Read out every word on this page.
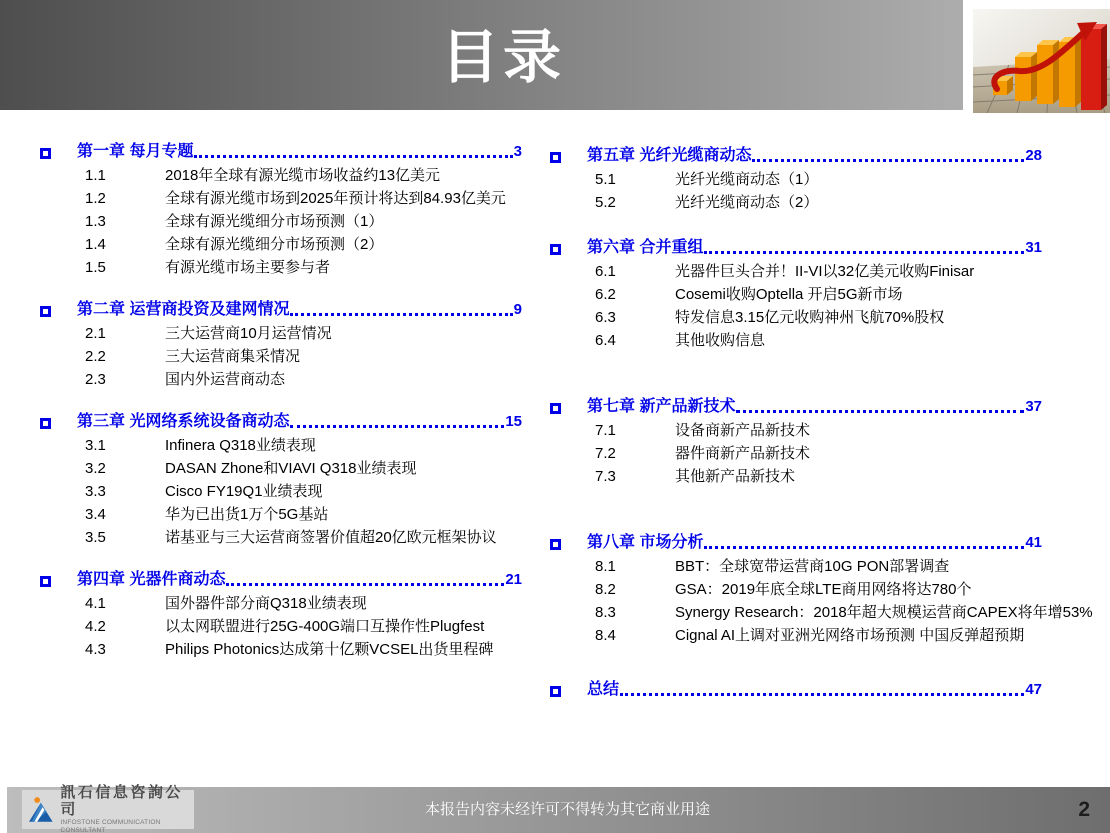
目录
第一章 每月专题	3
1.1	2018年全球有源光缆市场收益约13亿美元
1.2	全球有源光缆市场到2025年预计将达到84.93亿美元
1.3	全球有源光缆细分市场预测（1）
1.4	全球有源光缆细分市场预测（2）
1.5	有源光缆市场主要参与者
第二章 运营商投资及建网情况	9
2.1	三大运营商10月运营情况
2.2	三大运营商集采情况
2.3	国内外运营商动态
第三章 光网络系统设备商动态	15
3.1	Infinera Q318业绩表现
3.2	DASAN Zhone和VIAVI Q318业绩表现
3.3	Cisco FY19Q1业绩表现
3.4	华为已出货1万个5G基站
3.5	诺基亚与三大运营商签署价值超20亿欧元框架协议
第四章 光器件商动态	21
4.1	国外器件部分商Q318业绩表现
4.2	以太网联盟进行25G-400G端口互操作性Plugfest
4.3	Philips Photonics达成第十亿颗VCSEL出货里程碑
第五章 光纤光缆商动态	28
5.1	光纤光缆商动态（1）
5.2	光纤光缆商动态（2）
第六章 合并重组	31
6.1	光器件巨头合并！II-VI以32亿美元收购Finisar
6.2	Cosemi收购Optella 开启5G新市场
6.3	特发信息3.15亿元收购神州飞航70%股权
6.4	其他收购信息
第七章 新产品新技术	37
7.1	设备商新产品新技术
7.2	器件商新产品新技术
7.3	其他新产品新技术
第八章 市场分析	41
8.1	BBT：全球宽带运营商10G PON部署调查
8.2	GSA：2019年底全球LTE商用网络将达780个
8.3	Synergy Research：2018年超大规模运营商CAPEX将年增53%
8.4	Cignal AI上调对亚洲光网络市场预测 中国反弹超预期
总结	47
訊石信息咨詢公司
INFOSTONE COMMUNICATION CONSULTANT
本报告内容未经许可不得转为其它商业用途	2
